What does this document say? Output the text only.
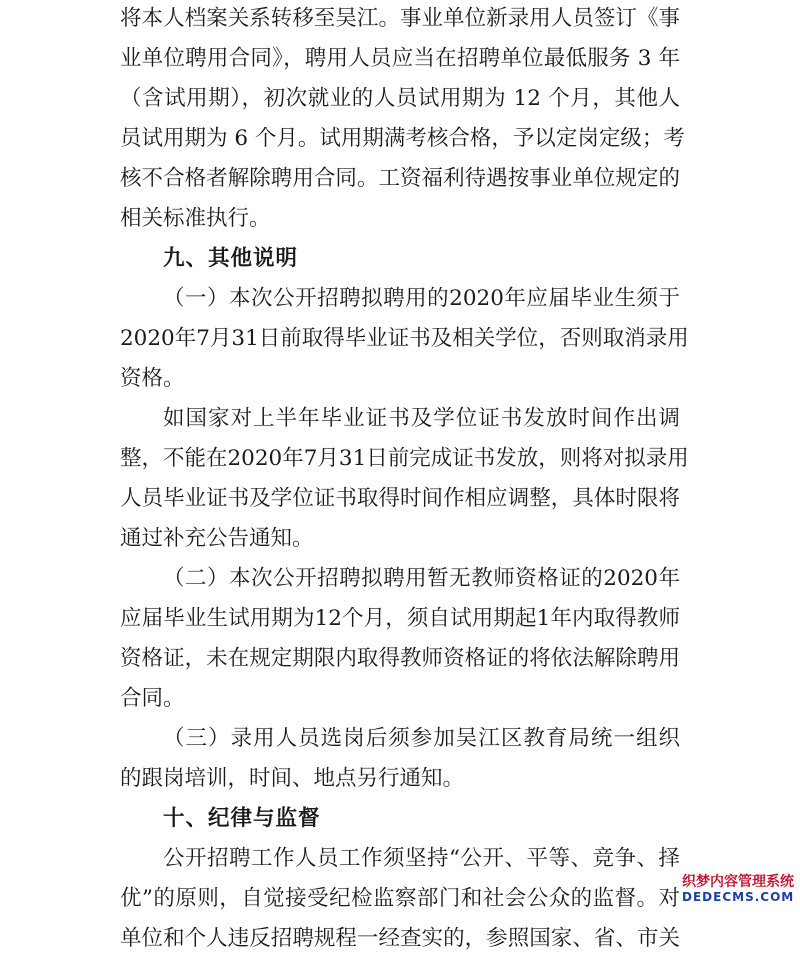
将本人档案关系转移至吴江。事业单位新录用人员签订《事
业单位聘用合同》，聘用人员应当在招聘单位最低服务 3 年
（含试用期），初次就业的人员试用期为 12 个月，其他人
员试用期为 6 个月。试用期满考核合格，予以定岗定级；考
核不合格者解除聘用合同。工资福利待遇按事业单位规定的
相关标准执行。
九、其他说明
（一）本次公开招聘拟聘用的2020年应届毕业生须于
2020年7月31日前取得毕业证书及相关学位，否则取消录用
资格。
如国家对上半年毕业证书及学位证书发放时间作出调
整，不能在2020年7月31日前完成证书发放，则将对拟录用
人员毕业证书及学位证书取得时间作相应调整，具体时限将
通过补充公告通知。
（二）本次公开招聘拟聘用暂无教师资格证的2020年
应届毕业生试用期为12个月，须自试用期起1年内取得教师
资格证，未在规定期限内取得教师资格证的将依法解除聘用
合同。
（三）录用人员选岗后须参加吴江区教育局统一组织
的跟岗培训，时间、地点另行通知。
十、纪律与监督
公开招聘工作人员工作须坚持“公开、平等、竞争、择
优”的原则，自觉接受纪检监察部门和社会公众的监督。对
单位和个人违反招聘规程一经查实的，参照国家、省、市关
织梦内容管理系统
DEDECMS.COM
